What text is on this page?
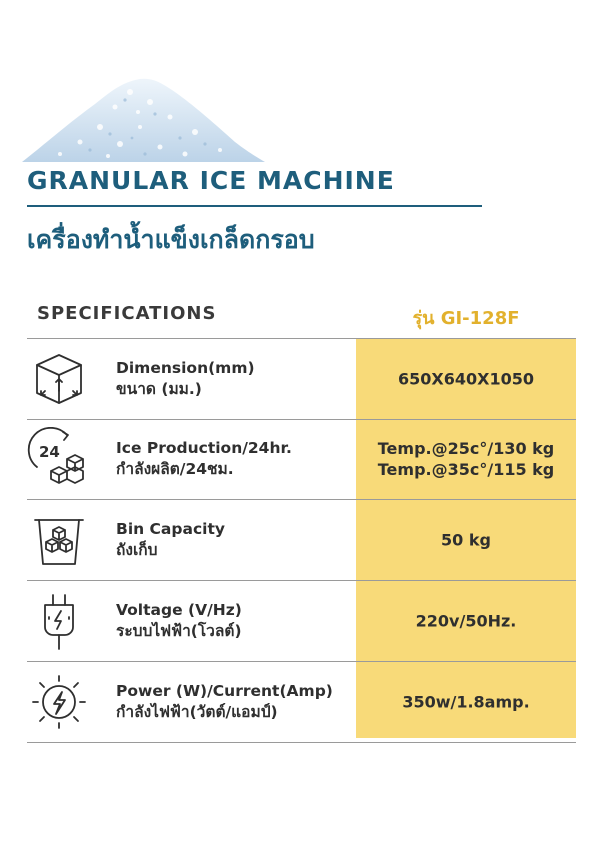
GRANULAR ICE MACHINE
เครื่องทำน้ำแข็งเกล็ดกรอบ
SPECIFICATIONS	รุ่น GI-128F
Dimension(mm)
ขนาด (มม.)
650X640X1050
24	Ice Production/24hr.
กำลังผลิต/24ชม.
Temp.@25c°/130 kg
Temp.@35c°/115 kg
Bin Capacity
ถังเก็บ
50 kg
Voltage (V/Hz)
ระบบไฟฟ้า(โวลต์)
220v/50Hz.
Power (W)/Current(Amp)
กำลังไฟฟ้า(วัตต์/แอมป์)
350w/1.8amp.
